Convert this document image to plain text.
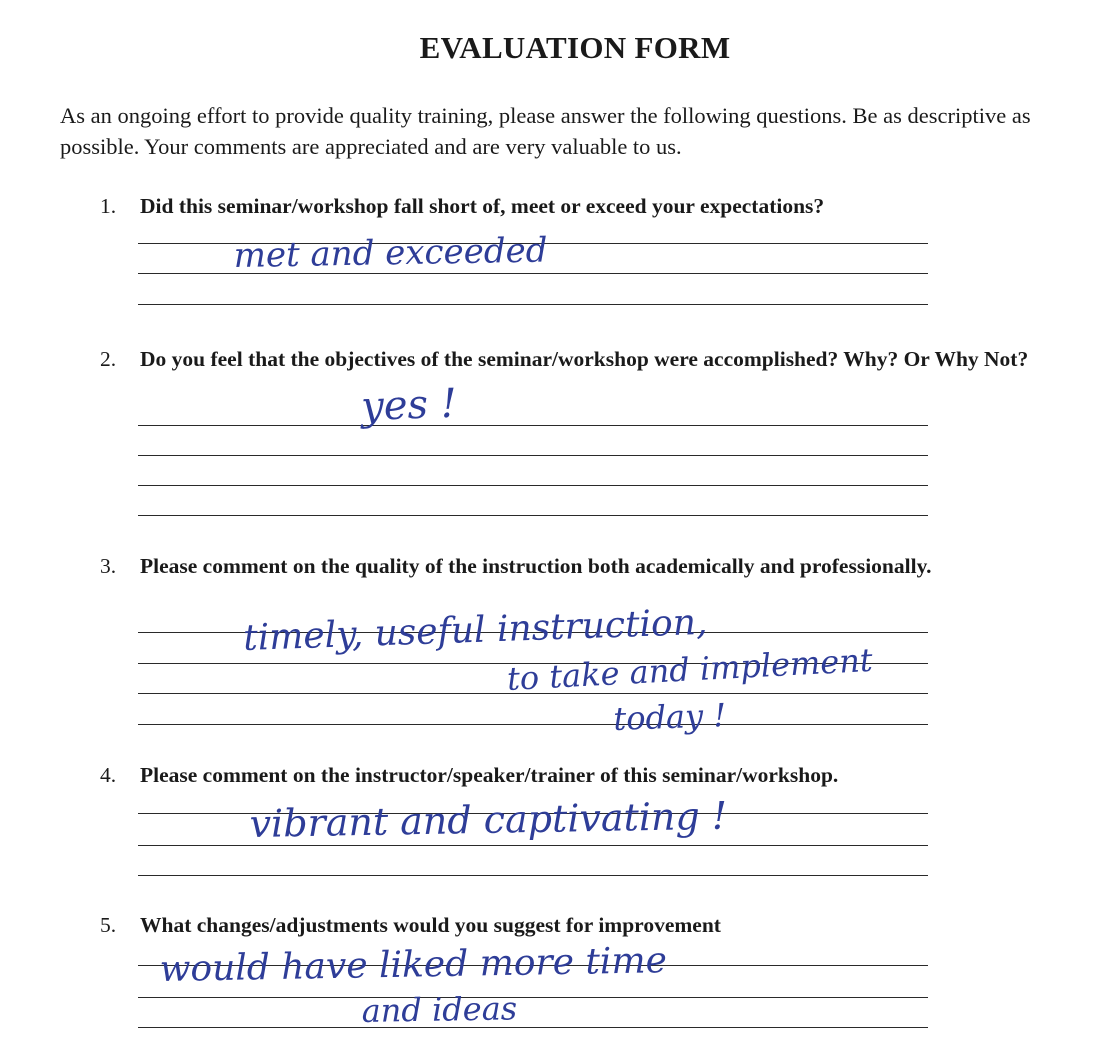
EVALUATION FORM

As an ongoing effort to provide quality training, please answer the following questions. Be as descriptive as possible. Your comments are appreciated and are very valuable to us.

1. Did this seminar/workshop fall short of, meet or exceed your expectations?

met and exceeded

2. Do you feel that the objectives of the seminar/workshop were accomplished? Why? Or Why Not?

yes !

3. Please comment on the quality of the instruction both academically and professionally.

timely, useful instruction,

to take and implement

today !

4. Please comment on the instructor/speaker/trainer of this seminar/workshop.

vibrant and captivating !

5. What changes/adjustments would you suggest for improvement

would have liked more time

and ideas
